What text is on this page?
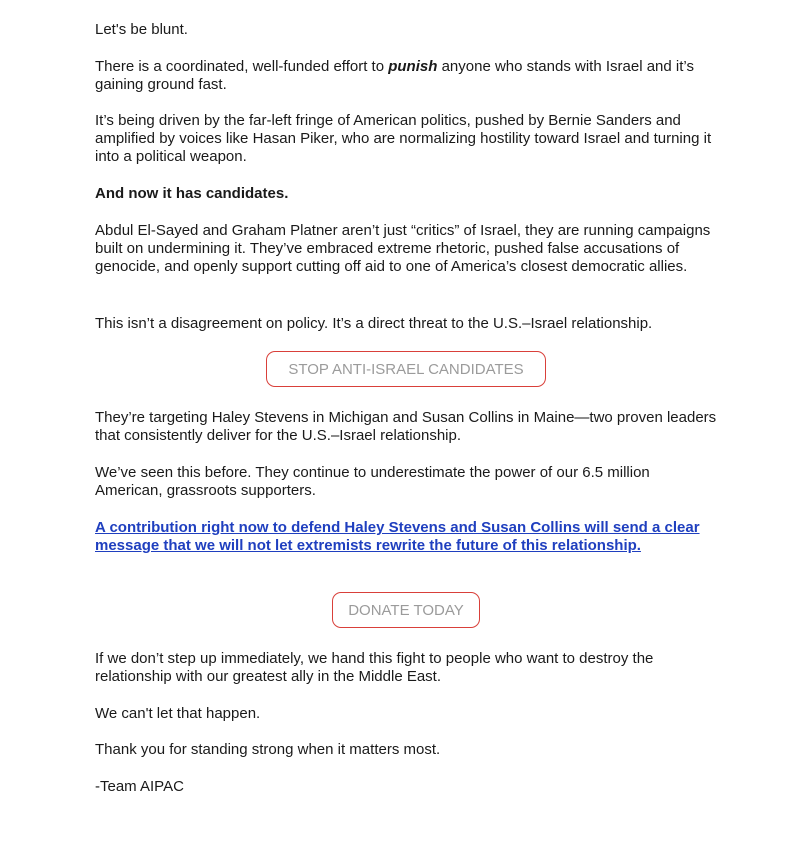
Let's be blunt.

There is a coordinated, well-funded effort to punish anyone who stands with Israel and it’s gaining ground fast.

It’s being driven by the far-left fringe of American politics, pushed by Bernie Sanders and amplified by voices like Hasan Piker, who are normalizing hostility toward Israel and turning it into a political weapon.

And now it has candidates.

Abdul El-Sayed and Graham Platner aren’t just “critics” of Israel, they are running campaigns built on undermining it. They’ve embraced extreme rhetoric, pushed false accusations of genocide, and openly support cutting off aid to one of America’s closest democratic allies.

This isn’t a disagreement on policy. It’s a direct threat to the U.S.–Israel relationship.

STOP ANTI-ISRAEL CANDIDATES

They’re targeting Haley Stevens in Michigan and Susan Collins in Maine—two proven leaders that consistently deliver for the U.S.–Israel relationship.

We’ve seen this before. They continue to underestimate the power of our 6.5 million American, grassroots supporters.

A contribution right now to defend Haley Stevens and Susan Collins will send a clear message that we will not let extremists rewrite the future of this relationship.
DONATE TODAY

If we don’t step up immediately, we hand this fight to people who want to destroy the relationship with our greatest ally in the Middle East.

We can't let that happen.

Thank you for standing strong when it matters most.

-Team AIPAC
